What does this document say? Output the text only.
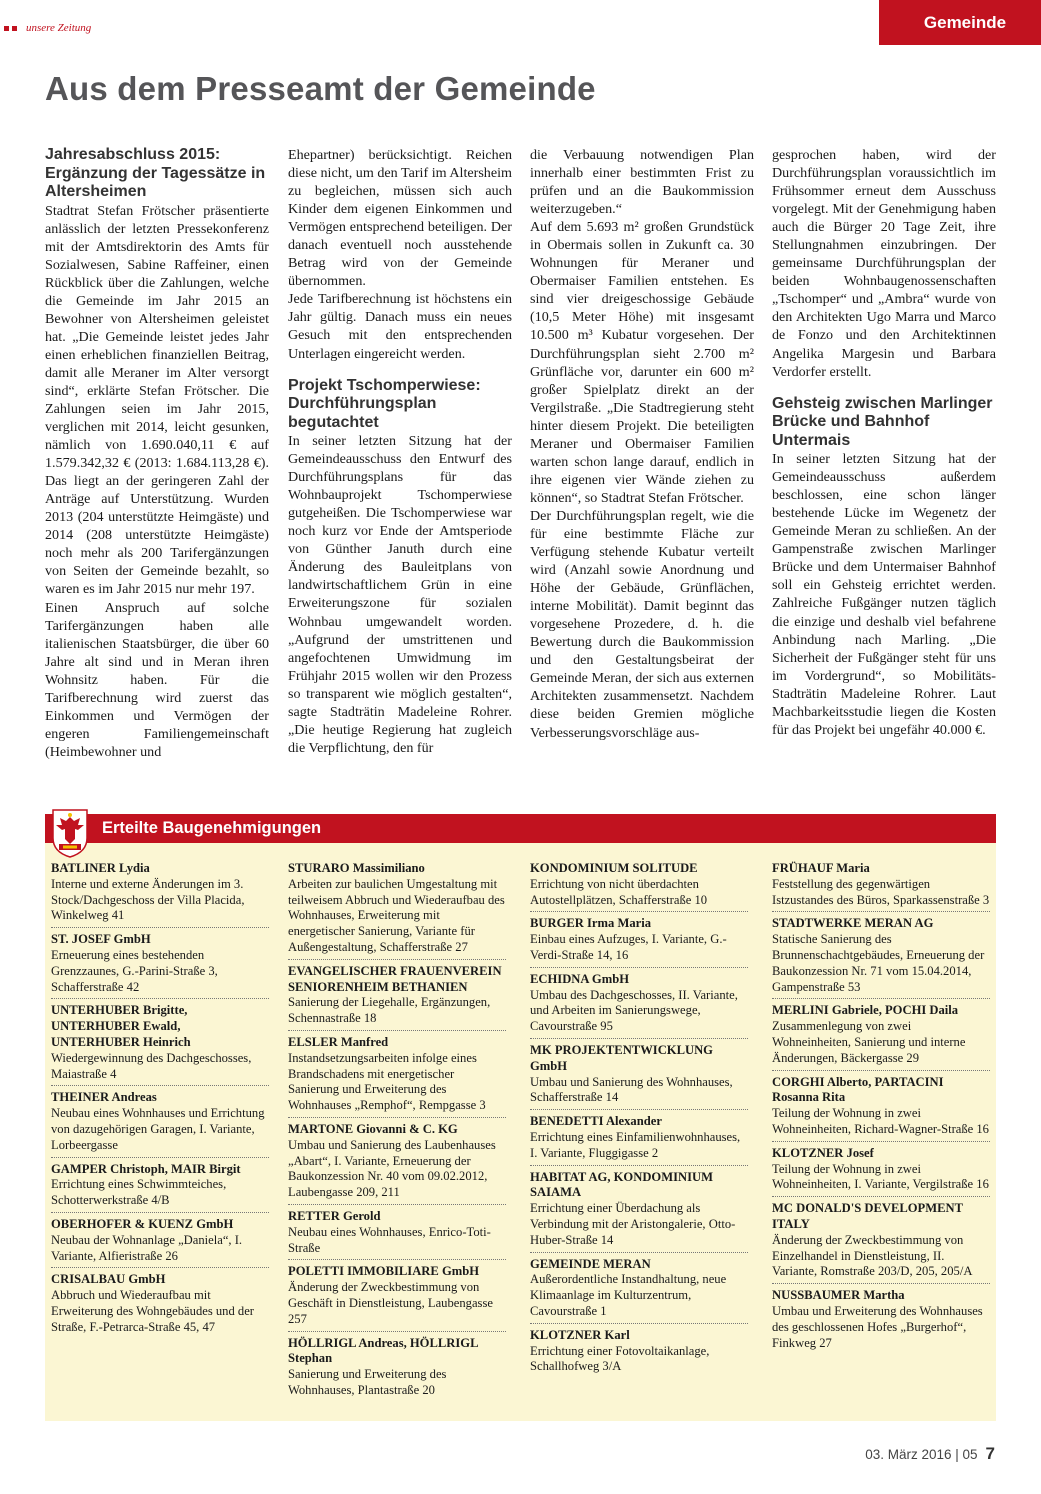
unsere Zeitung	Gemeinde
Aus dem Presseamt der Gemeinde
Jahresabschluss 2015: Ergänzung der Tagessätze in Altersheimen

Stadtrat Stefan Frötscher präsentierte anlässlich der letzten Pressekonferenz mit der Amtsdirektorin des Amts für Sozialwesen, Sabine Raffeiner, einen Rückblick über die Zahlungen, welche die Gemeinde im Jahr 2015 an Bewohner von Altersheimen geleistet hat. „Die Gemeinde leistet jedes Jahr einen erheblichen finanziellen Beitrag, damit alle Meraner im Alter versorgt sind“, erklärte Stefan Frötscher. Die Zahlungen seien im Jahr 2015, verglichen mit 2014, leicht gesunken, nämlich von 1.690.040,11 € auf 1.579.342,32 € (2013: 1.684.113,28 €). Das liegt an der geringeren Zahl der Anträge auf Unterstützung. Wurden 2013 (204 unterstützte Heimgäste) und 2014 (208 unterstützte Heimgäste) noch mehr als 200 Tarifergänzungen von Seiten der Gemeinde bezahlt, so waren es im Jahr 2015 nur mehr 197.

Einen Anspruch auf solche Tarifergänzungen haben alle italienischen Staatsbürger, die über 60 Jahre alt sind und in Meran ihren Wohnsitz haben. Für die Tarifberechnung wird zuerst das Einkommen und Vermögen der engeren Familiengemeinschaft (Heimbewohner und

Ehepartner) berücksichtigt. Reichen diese nicht, um den Tarif im Altersheim zu begleichen, müssen sich auch Kinder dem eigenen Einkommen und Vermögen entsprechend beteiligen. Der danach eventuell noch ausstehende Betrag wird von der Gemeinde übernommen.

Jede Tarifberechnung ist höchstens ein Jahr gültig. Danach muss ein neues Gesuch mit den entsprechenden Unterlagen eingereicht werden.

Projekt Tschomperwiese: Durchführungsplan begutachtet

In seiner letzten Sitzung hat der Gemeindeausschuss den Entwurf des Durchführungsplans für das Wohnbauprojekt Tschomperwiese gutgeheißen. Die Tschomperwiese war noch kurz vor Ende der Amtsperiode von Günther Januth durch eine Änderung des Bauleitplans von landwirtschaftlichem Grün in eine Erweiterungszone für sozialen Wohnbau umgewandelt worden. „Aufgrund der umstrittenen und angefochtenen Umwidmung im Frühjahr 2015 wollen wir den Prozess so transparent wie möglich gestalten“, sagte Stadträtin Madeleine Rohrer. „Die heutige Regierung hat zugleich die Verpflichtung, den für

die Verbauung notwendigen Plan innerhalb einer bestimmten Frist zu prüfen und an die Baukommission weiterzugeben.“

Auf dem 5.693 m² großen Grundstück in Obermais sollen in Zukunft ca. 30 Wohnungen für Meraner und Obermaiser Familien entstehen. Es sind vier dreigeschossige Gebäude (10,5 Meter Höhe) mit insgesamt 10.500 m³ Kubatur vorgesehen. Der Durchführungsplan sieht 2.700 m² Grünfläche vor, darunter ein 600 m² großer Spielplatz direkt an der Vergilstraße. „Die Stadtregierung steht hinter diesem Projekt. Die beteiligten Meraner und Obermaiser Familien warten schon lange darauf, endlich in ihre eigenen vier Wände ziehen zu können“, so Stadtrat Stefan Frötscher.

Der Durchführungsplan regelt, wie die für eine bestimmte Fläche zur Verfügung stehende Kubatur verteilt wird (Anzahl sowie Anordnung und Höhe der Gebäude, Grünflächen, interne Mobilität). Damit beginnt das vorgesehene Prozedere, d. h. die Bewertung durch die Baukommission und den Gestaltungsbeirat der Gemeinde Meran, der sich aus externen Architekten zusammensetzt. Nachdem diese beiden Gremien mögliche Verbesserungsvorschläge aus-

gesprochen haben, wird der Durchführungsplan voraussichtlich im Frühsommer erneut dem Ausschuss vorgelegt. Mit der Genehmigung haben auch die Bürger 20 Tage Zeit, ihre Stellungnahmen einzubringen. Der gemeinsame Durchführungsplan der beiden Wohnbaugenossenschaften „Tschomper“ und „Ambra“ wurde von den Architekten Ugo Marra und Marco de Fonzo und den Architektinnen Angelika Margesin und Barbara Verdorfer erstellt.

Gehsteig zwischen Marlinger Brücke und Bahnhof Untermais

In seiner letzten Sitzung hat der Gemeindeausschuss außerdem beschlossen, eine schon länger bestehende Lücke im Wegenetz der Gemeinde Meran zu schließen. An der Gampenstraße zwischen Marlinger Brücke und dem Untermaiser Bahnhof soll ein Gehsteig errichtet werden. Zahlreiche Fußgänger nutzen täglich die einzige und deshalb viel befahrene Anbindung nach Marling. „Die Sicherheit der Fußgänger steht für uns im Vordergrund“, so Mobilitäts-Stadträtin Madeleine Rohrer. Laut Machbarkeitsstudie liegen die Kosten für das Projekt bei ungefähr 40.000 €.

Erteilte Baugenehmigungen
BATLINER Lydia
Interne und externe Änderungen im 3. Stock/Dachgeschoss der Villa Placida, Winkelweg 41
ST. JOSEF GmbH
Erneuerung eines bestehenden Grenzzaunes, G.-Parini-Straße 3, Schafferstraße 42
UNTERHUBER Brigitte, UNTERHUBER Ewald, UNTERHUBER Heinrich
Wiedergewinnung des Dachgeschosses, Maiastraße 4
THEINER Andreas
Neubau eines Wohnhauses und Errichtung von dazugehörigen Garagen, I. Variante, Lorbeergasse
GAMPER Christoph, MAIR Birgit
Errichtung eines Schwimmteiches, Schotterwerkstraße 4/B
OBERHOFER & KUENZ GmbH
Neubau der Wohnanlage „Daniela“, I. Variante, Alfieristraße 26
CRISALBAU GmbH
Abbruch und Wiederaufbau mit Erweiterung des Wohngebäudes und der Straße, F.-Petrarca-Straße 45, 47
STURARO Massimiliano
Arbeiten zur baulichen Umgestaltung mit teilweisem Abbruch und Wiederaufbau des Wohnhauses, Erweiterung mit energetischer Sanierung, Variante für Außengestaltung, Schafferstraße 27
EVANGELISCHER FRAUENVEREIN SENIORENHEIM BETHANIEN
Sanierung der Liegehalle, Ergänzungen, Schennastraße 18
ELSLER Manfred
Instandsetzungsarbeiten infolge eines Brandschadens mit energetischer Sanierung und Erweiterung des Wohnhauses „Remphof“, Rempgasse 3
MARTONE Giovanni & C. KG
Umbau und Sanierung des Laubenhauses „Abart“, I. Variante, Erneuerung der Baukonzession Nr. 40 vom 09.02.2012, Laubengasse 209, 211
RETTER Gerold
Neubau eines Wohnhauses, Enrico-Toti-Straße
POLETTI IMMOBILIARE GmbH
Änderung der Zweckbestimmung von Geschäft in Dienstleistung, Laubengasse 257
HÖLLRIGL Andreas, HÖLLRIGL Stephan
Sanierung und Erweiterung des Wohnhauses, Plantastraße 20
KONDOMINIUM SOLITUDE
Errichtung von nicht überdachten Autostellplätzen, Schafferstraße 10
BURGER Irma Maria
Einbau eines Aufzuges, I. Variante, G.-Verdi-Straße 14, 16
ECHIDNA GmbH
Umbau des Dachgeschosses, II. Variante, und Arbeiten im Sanierungswege, Cavourstraße 95
MK PROJEKTENTWICKLUNG GmbH
Umbau und Sanierung des Wohnhauses, Schafferstraße 14
BENEDETTI Alexander
Errichtung eines Einfamilienwohnhauses, I. Variante, Fluggigasse 2
HABITAT AG, KONDOMINIUM SAIAMA
Errichtung einer Überdachung als Verbindung mit der Aristongalerie, Otto-Huber-Straße 14
GEMEINDE MERAN
Außerordentliche Instandhaltung, neue Klimaanlage im Kulturzentrum, Cavourstraße 1
KLOTZNER Karl
Errichtung einer Fotovoltaikanlage, Schallhofweg 3/A
FRÜHAUF Maria
Feststellung des gegenwärtigen Istzustandes des Büros, Sparkassenstraße 3
STADTWERKE MERAN AG
Statische Sanierung des Brunnenschachtgebäudes, Erneuerung der Baukonzession Nr. 71 vom 15.04.2014, Gampenstraße 53
MERLINI Gabriele, POCHI Daila
Zusammenlegung von zwei Wohneinheiten, Sanierung und interne Änderungen, Bäckergasse 29
CORGHI Alberto, PARTACINI Rosanna Rita
Teilung der Wohnung in zwei Wohneinheiten, Richard-Wagner-Straße 16
KLOTZNER Josef
Teilung der Wohnung in zwei Wohneinheiten, I. Variante, Vergilstraße 16
MC DONALD'S DEVELOPMENT ITALY
Änderung der Zweckbestimmung von Einzelhandel in Dienstleistung, II. Variante, Romstraße 203/D, 205, 205/A
NUSSBAUMER Martha
Umbau und Erweiterung des Wohnhauses des geschlossenen Hofes „Burgerhof“, Finkweg 27
03. März 2016 | 05 7
